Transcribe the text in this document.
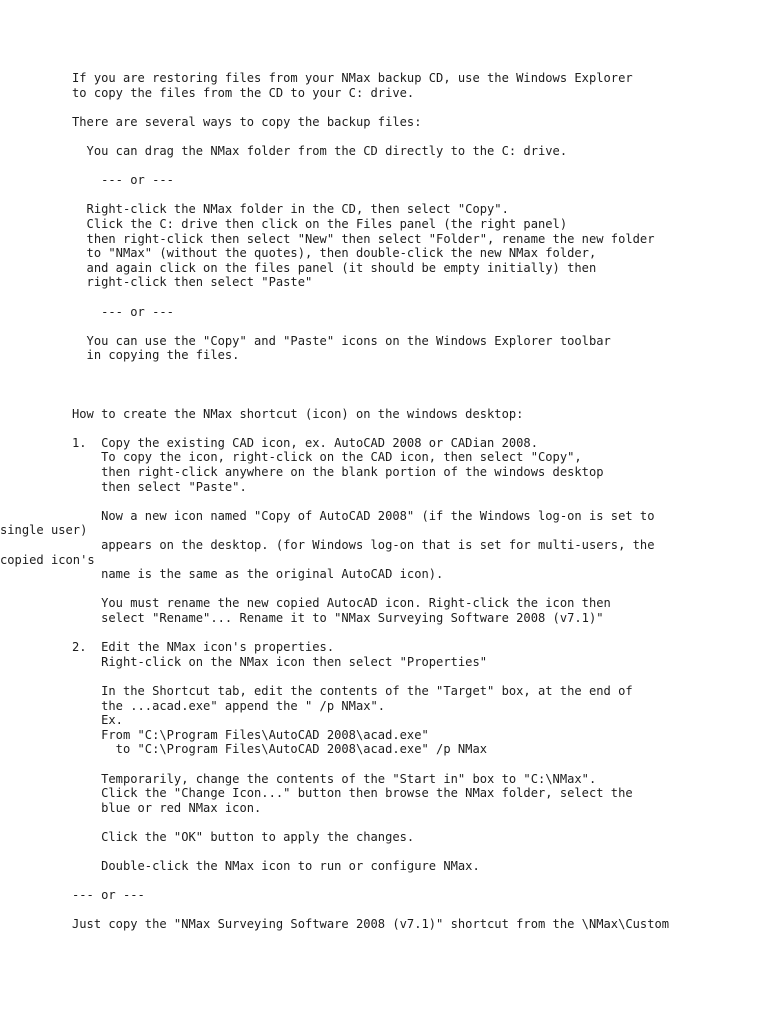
If you are restoring files from your NMax backup CD, use the Windows Explorer
to copy the files from the CD to your C: drive.
There are several ways to copy the backup files:
You can drag the NMax folder from the CD directly to the C: drive.
--- or ---
Right-click the NMax folder in the CD, then select "Copy".
Click the C: drive then click on the Files panel (the right panel)
then right-click then select "New" then select "Folder", rename the new folder
to "NMax" (without the quotes), then double-click the new NMax folder,
and again click on the files panel (it should be empty initially) then
right-click then select "Paste"
--- or ---
You can use the "Copy" and "Paste" icons on the Windows Explorer toolbar
in copying the files.
How to create the NMax shortcut (icon) on the windows desktop:
1.  Copy the existing CAD icon, ex. AutoCAD 2008 or CADian 2008.
To copy the icon, right-click on the CAD icon, then select "Copy",
then right-click anywhere on the blank portion of the windows desktop
then select "Paste".
Now a new icon named "Copy of AutoCAD 2008" (if the Windows log-on is set to
single user)
appears on the desktop. (for Windows log-on that is set for multi-users, the
copied icon's
name is the same as the original AutoCAD icon).
You must rename the new copied AutocAD icon. Right-click the icon then
select "Rename"... Rename it to "NMax Surveying Software 2008 (v7.1)"
2.  Edit the NMax icon's properties.
Right-click on the NMax icon then select "Properties"
In the Shortcut tab, edit the contents of the "Target" box, at the end of
the ...acad.exe" append the " /p NMax".
Ex.
From "C:\Program Files\AutoCAD 2008\acad.exe"
to "C:\Program Files\AutoCAD 2008\acad.exe" /p NMax
Temporarily, change the contents of the "Start in" box to "C:\NMax".
Click the "Change Icon..." button then browse the NMax folder, select the
blue or red NMax icon.
Click the "OK" button to apply the changes.
Double-click the NMax icon to run or configure NMax.
--- or ---
Just copy the "NMax Surveying Software 2008 (v7.1)" shortcut from the \NMax\Custom
